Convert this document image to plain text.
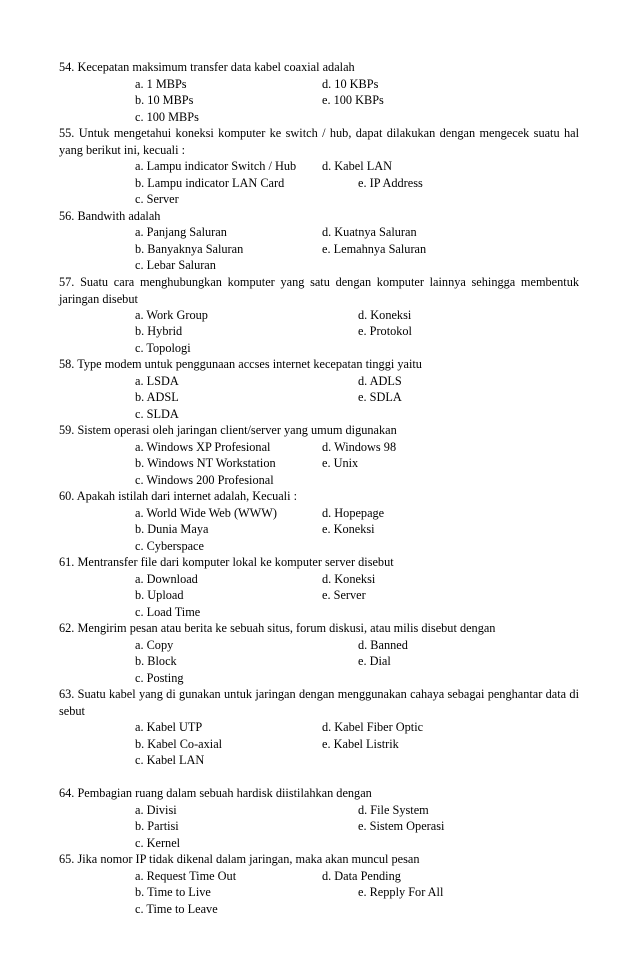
54. Kecepatan maksimum transfer data kabel coaxial adalah
a. 1 MBPs	d. 10 KBPs
b. 10 MBPs	e. 100 KBPs
c. 100 MBPs
55. Untuk mengetahui koneksi komputer ke switch / hub, dapat dilakukan dengan mengecek suatu hal yang berikut ini, kecuali :
a. Lampu indicator Switch / Hub d. Kabel LAN
b. Lampu indicator LAN Card	e. IP Address
c. Server
56. Bandwith adalah
a. Panjang Saluran	d. Kuatnya Saluran
b. Banyaknya Saluran	e. Lemahnya Saluran
c. Lebar Saluran
57. Suatu cara menghubungkan komputer yang satu dengan komputer lainnya sehingga membentuk jaringan disebut
a. Work Group	d. Koneksi
b. Hybrid	e. Protokol
c. Topologi
58. Type modem untuk penggunaan accses internet kecepatan tinggi yaitu
a. LSDA	d. ADLS
b. ADSL	e. SDLA
c. SLDA
59. Sistem operasi oleh jaringan client/server yang umum digunakan
a. Windows XP Profesional	d. Windows 98
b. Windows NT Workstation	e. Unix
c. Windows 200 Profesional
60. Apakah istilah dari internet adalah, Kecuali :
a. World Wide Web (WWW)	d. Hopepage
b. Dunia Maya	e. Koneksi
c. Cyberspace
61. Mentransfer file dari komputer lokal ke komputer server disebut
a. Download	d. Koneksi
b. Upload	e. Server
c. Load Time
62. Mengirim pesan atau berita ke sebuah situs, forum diskusi, atau milis disebut dengan
a. Copy	d. Banned
b. Block	e. Dial
c. Posting
63. Suatu kabel yang di gunakan untuk jaringan dengan menggunakan cahaya sebagai penghantar data di sebut
a. Kabel UTP	d. Kabel Fiber Optic
b. Kabel Co-axial	e. Kabel Listrik
c. Kabel LAN
64. Pembagian ruang dalam sebuah hardisk diistilahkan dengan
a. Divisi	d. File System
b. Partisi	e. Sistem Operasi
c. Kernel
65. Jika nomor IP tidak dikenal dalam jaringan, maka akan muncul pesan
a. Request Time Out	d. Data Pending
b. Time to Live	e. Repply For All
c. Time to Leave
